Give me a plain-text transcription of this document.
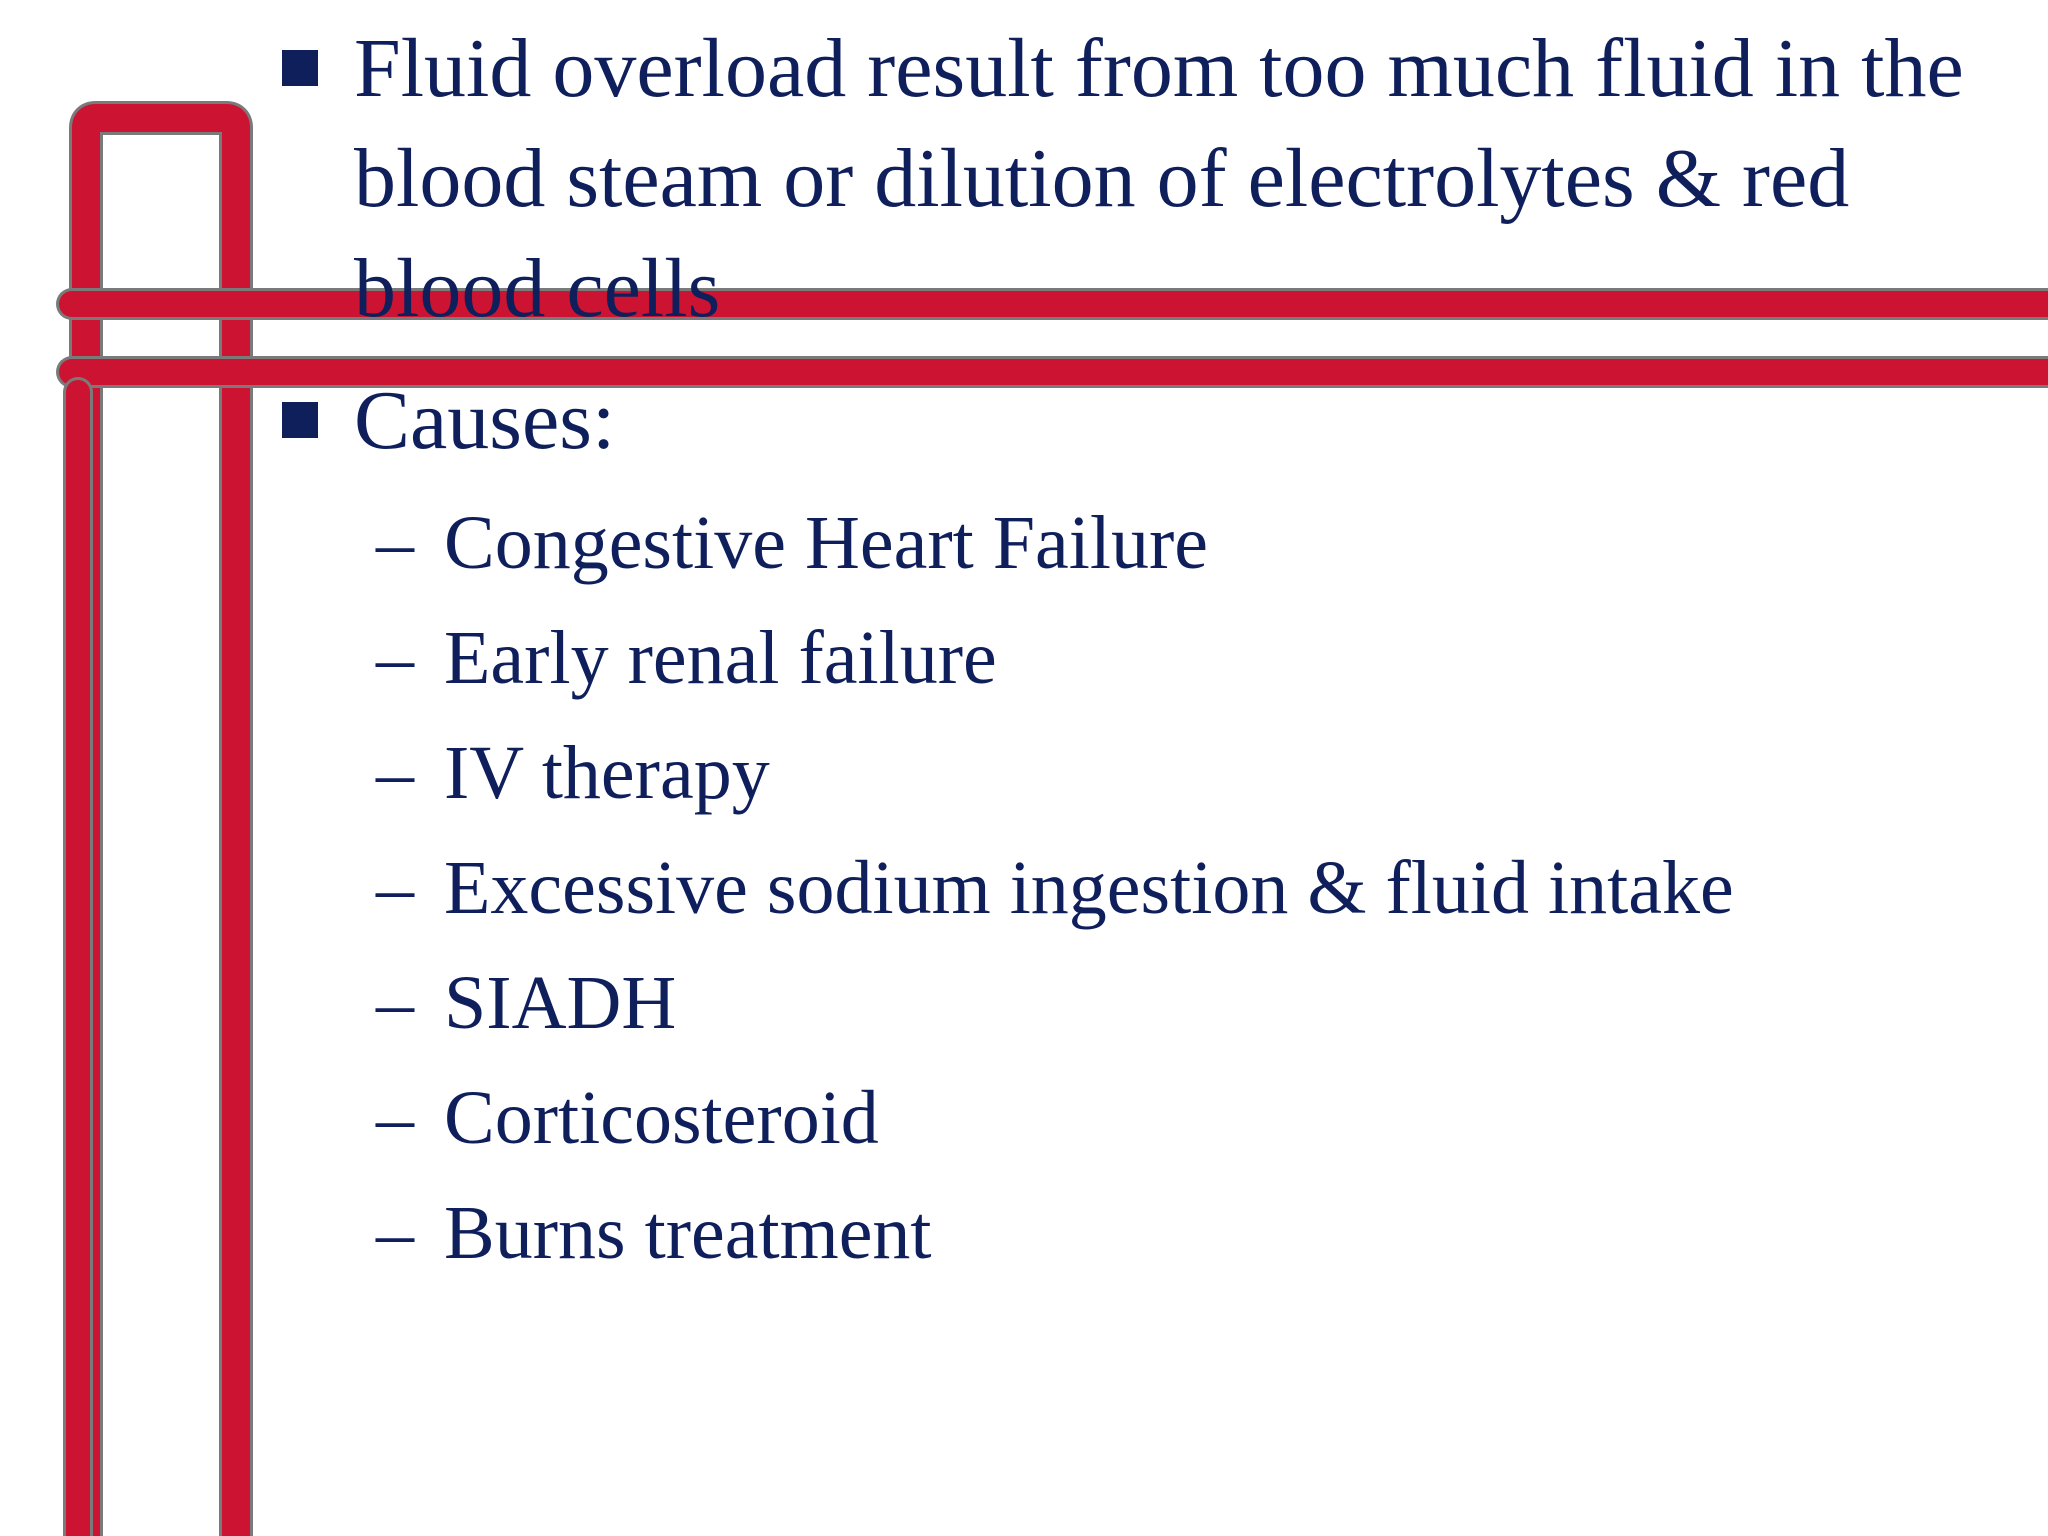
Fluid overload result from too much fluid in the blood steam or dilution of electrolytes & red blood cells
Causes:
– Congestive Heart Failure
– Early renal failure
– IV therapy
– Excessive sodium ingestion & fluid intake
– SIADH
– Corticosteroid
– Burns treatment
